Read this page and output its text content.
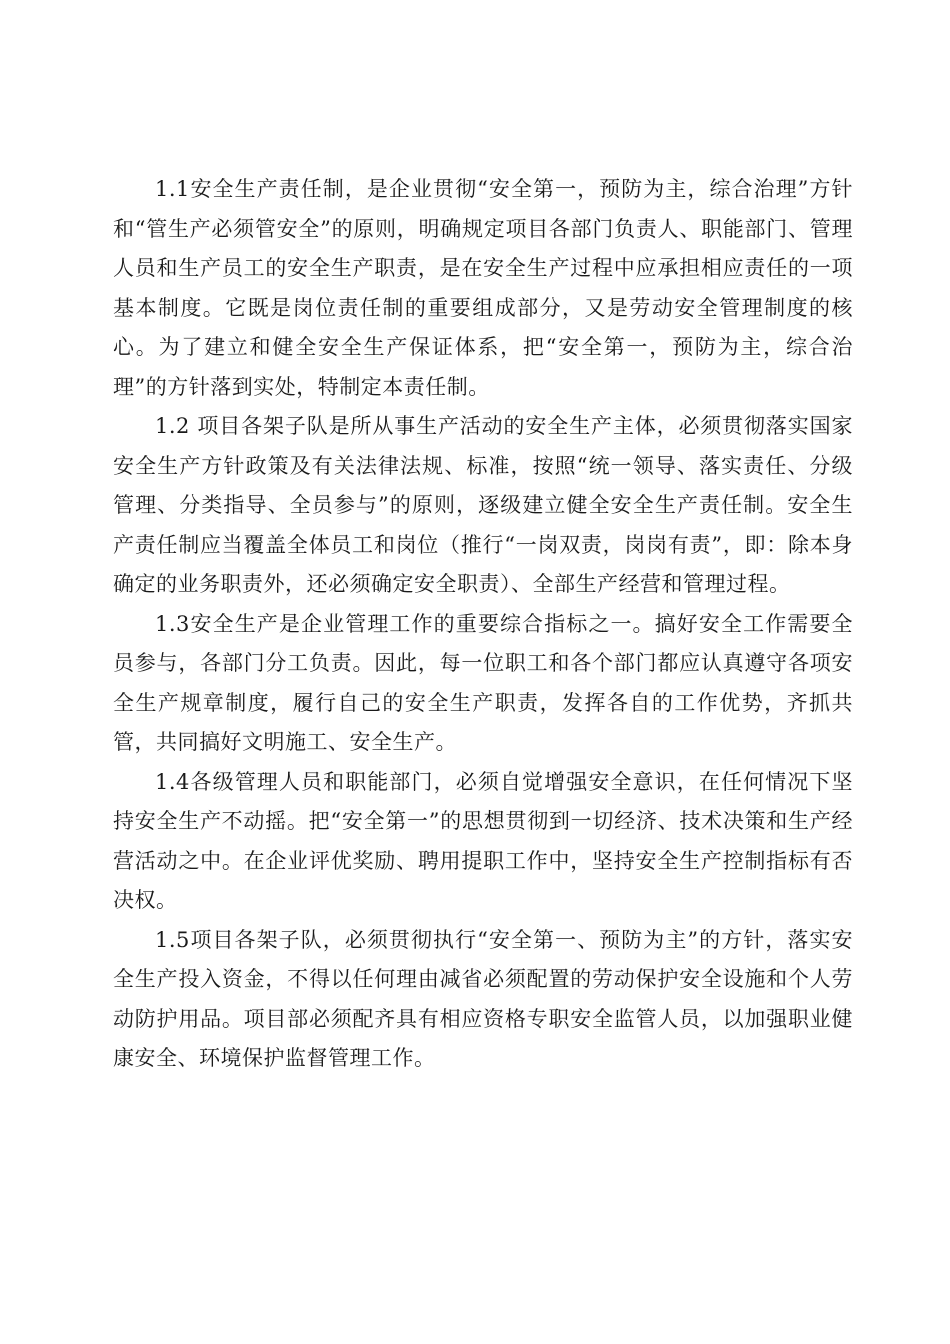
1.1安全生产责任制，是企业贯彻“安全第一，预防为主，综合治理”方针和“管生产必须管安全”的原则，明确规定项目各部门负责人、职能部门、管理人员和生产员工的安全生产职责，是在安全生产过程中应承担相应责任的一项基本制度。它既是岗位责任制的重要组成部分，又是劳动安全管理制度的核心。为了建立和健全安全生产保证体系，把“安全第一，预防为主，综合治理”的方针落到实处，特制定本责任制。

1.2 项目各架子队是所从事生产活动的安全生产主体，必须贯彻落实国家安全生产方针政策及有关法律法规、标准，按照“统一领导、落实责任、分级管理、分类指导、全员参与”的原则，逐级建立健全安全生产责任制。安全生产责任制应当覆盖全体员工和岗位（推行“一岗双责，岗岗有责”，即：除本身确定的业务职责外，还必须确定安全职责）、全部生产经营和管理过程。

1.3安全生产是企业管理工作的重要综合指标之一。搞好安全工作需要全员参与，各部门分工负责。因此，每一位职工和各个部门都应认真遵守各项安全生产规章制度，履行自己的安全生产职责，发挥各自的工作优势，齐抓共管，共同搞好文明施工、安全生产。

1.4各级管理人员和职能部门，必须自觉增强安全意识，在任何情况下坚持安全生产不动摇。把“安全第一”的思想贯彻到一切经济、技术决策和生产经营活动之中。在企业评优奖励、聘用提职工作中，坚持安全生产控制指标有否决权。

1.5项目各架子队，必须贯彻执行“安全第一、预防为主”的方针，落实安全生产投入资金，不得以任何理由减省必须配置的劳动保护安全设施和个人劳动防护用品。项目部必须配齐具有相应资格专职安全监管人员，以加强职业健康安全、环境保护监督管理工作。
